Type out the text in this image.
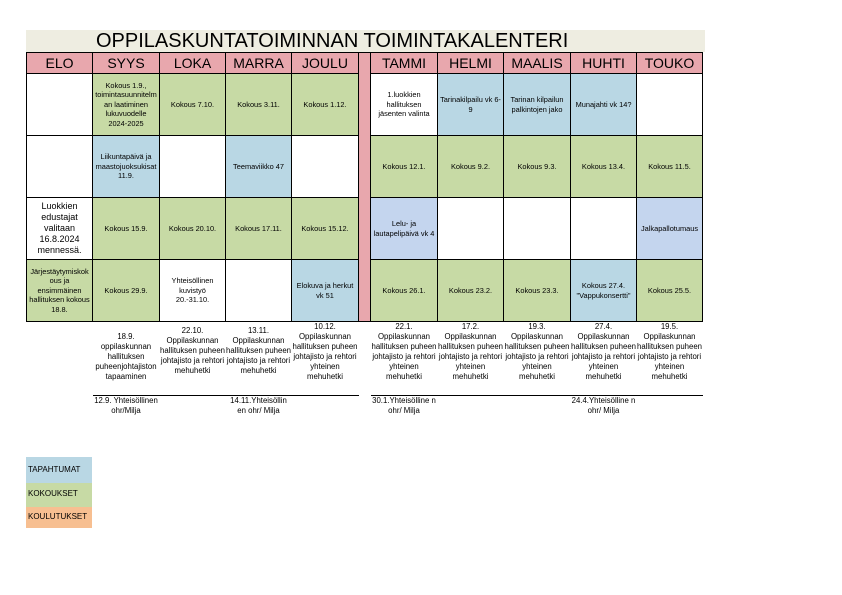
OPPILASKUNTATOIMINNAN TOIMINTAKALENTERI
ELO	SYYS	LOKA	MARRA	JOULU		TAMMI	HELMI	MAALIS	HUHTI	TOUKO
	Kokous 1.9., toimintasuunnitelm an laatiminen lukuvuodelle 2024-2025	Kokous 7.10.	Kokous 3.11.	Kokous 1.12.		1.luokkien hallituksen jäsenten valinta	Tarinakilpailu vk 6-9	Tarinan kilpailun palkintojen jako	Munajahti vk 14?	
	Liikuntapäivä ja maastojuoksukisat 11.9.		Teemaviikko 47			Kokous 12.1.	Kokous 9.2.	Kokous 9.3.	Kokous 13.4.	Kokous 11.5.
Luokkien edustajat valitaan 16.8.2024 mennessä.	Kokous 15.9.	Kokous 20.10.	Kokous 17.11.	Kokous 15.12.		Lelu- ja lautapelipäivä vk 4				Jalkapallotumaus
Järjestäytymiskok ous ja ensimmäinen hallituksen kokous 18.8.	Kokous 29.9.	Yhteisöllinen kuvistyö 20.-31.10.		Elokuva ja herkut vk 51		Kokous 26.1.	Kokous 23.2.	Kokous 23.3.	Kokous 27.4. "Vappukonsertti"	Kokous 25.5.
	18.9. oppilaskunnan hallituksen puheenjohtajiston tapaaminen	22.10. Oppilaskunnan hallituksen puheen johtajisto ja rehtori mehuhetki	13.11. Oppilaskunnan hallituksen puheen johtajisto ja rehtori mehuhetki	10.12. Oppilaskunnan hallituksen puheen johtajisto ja rehtori yhteinen mehuhetki		22.1. Oppilaskunnan hallituksen puheen johtajisto ja rehtori yhteinen mehuhetki	17.2. Oppilaskunnan hallituksen puheen johtajisto ja rehtori yhteinen mehuhetki	19.3. Oppilaskunnan hallituksen puheen johtajisto ja rehtori yhteinen mehuhetki	27.4. Oppilaskunnan hallituksen puheen johtajisto ja rehtori yhteinen mehuhetki	19.5. Oppilaskunnan hallituksen puheen johtajisto ja rehtori yhteinen mehuhetki
	12.9. Yhteisöllinen ohr/Milja		14.11.Yhteisöllin en ohr/ Milja			30.1.Yhteisölline n ohr/ Milja			24.4.Yhteisölline n ohr/ Milja	
TAPAHTUMAT
KOKOUKSET
KOULUTUKSET
